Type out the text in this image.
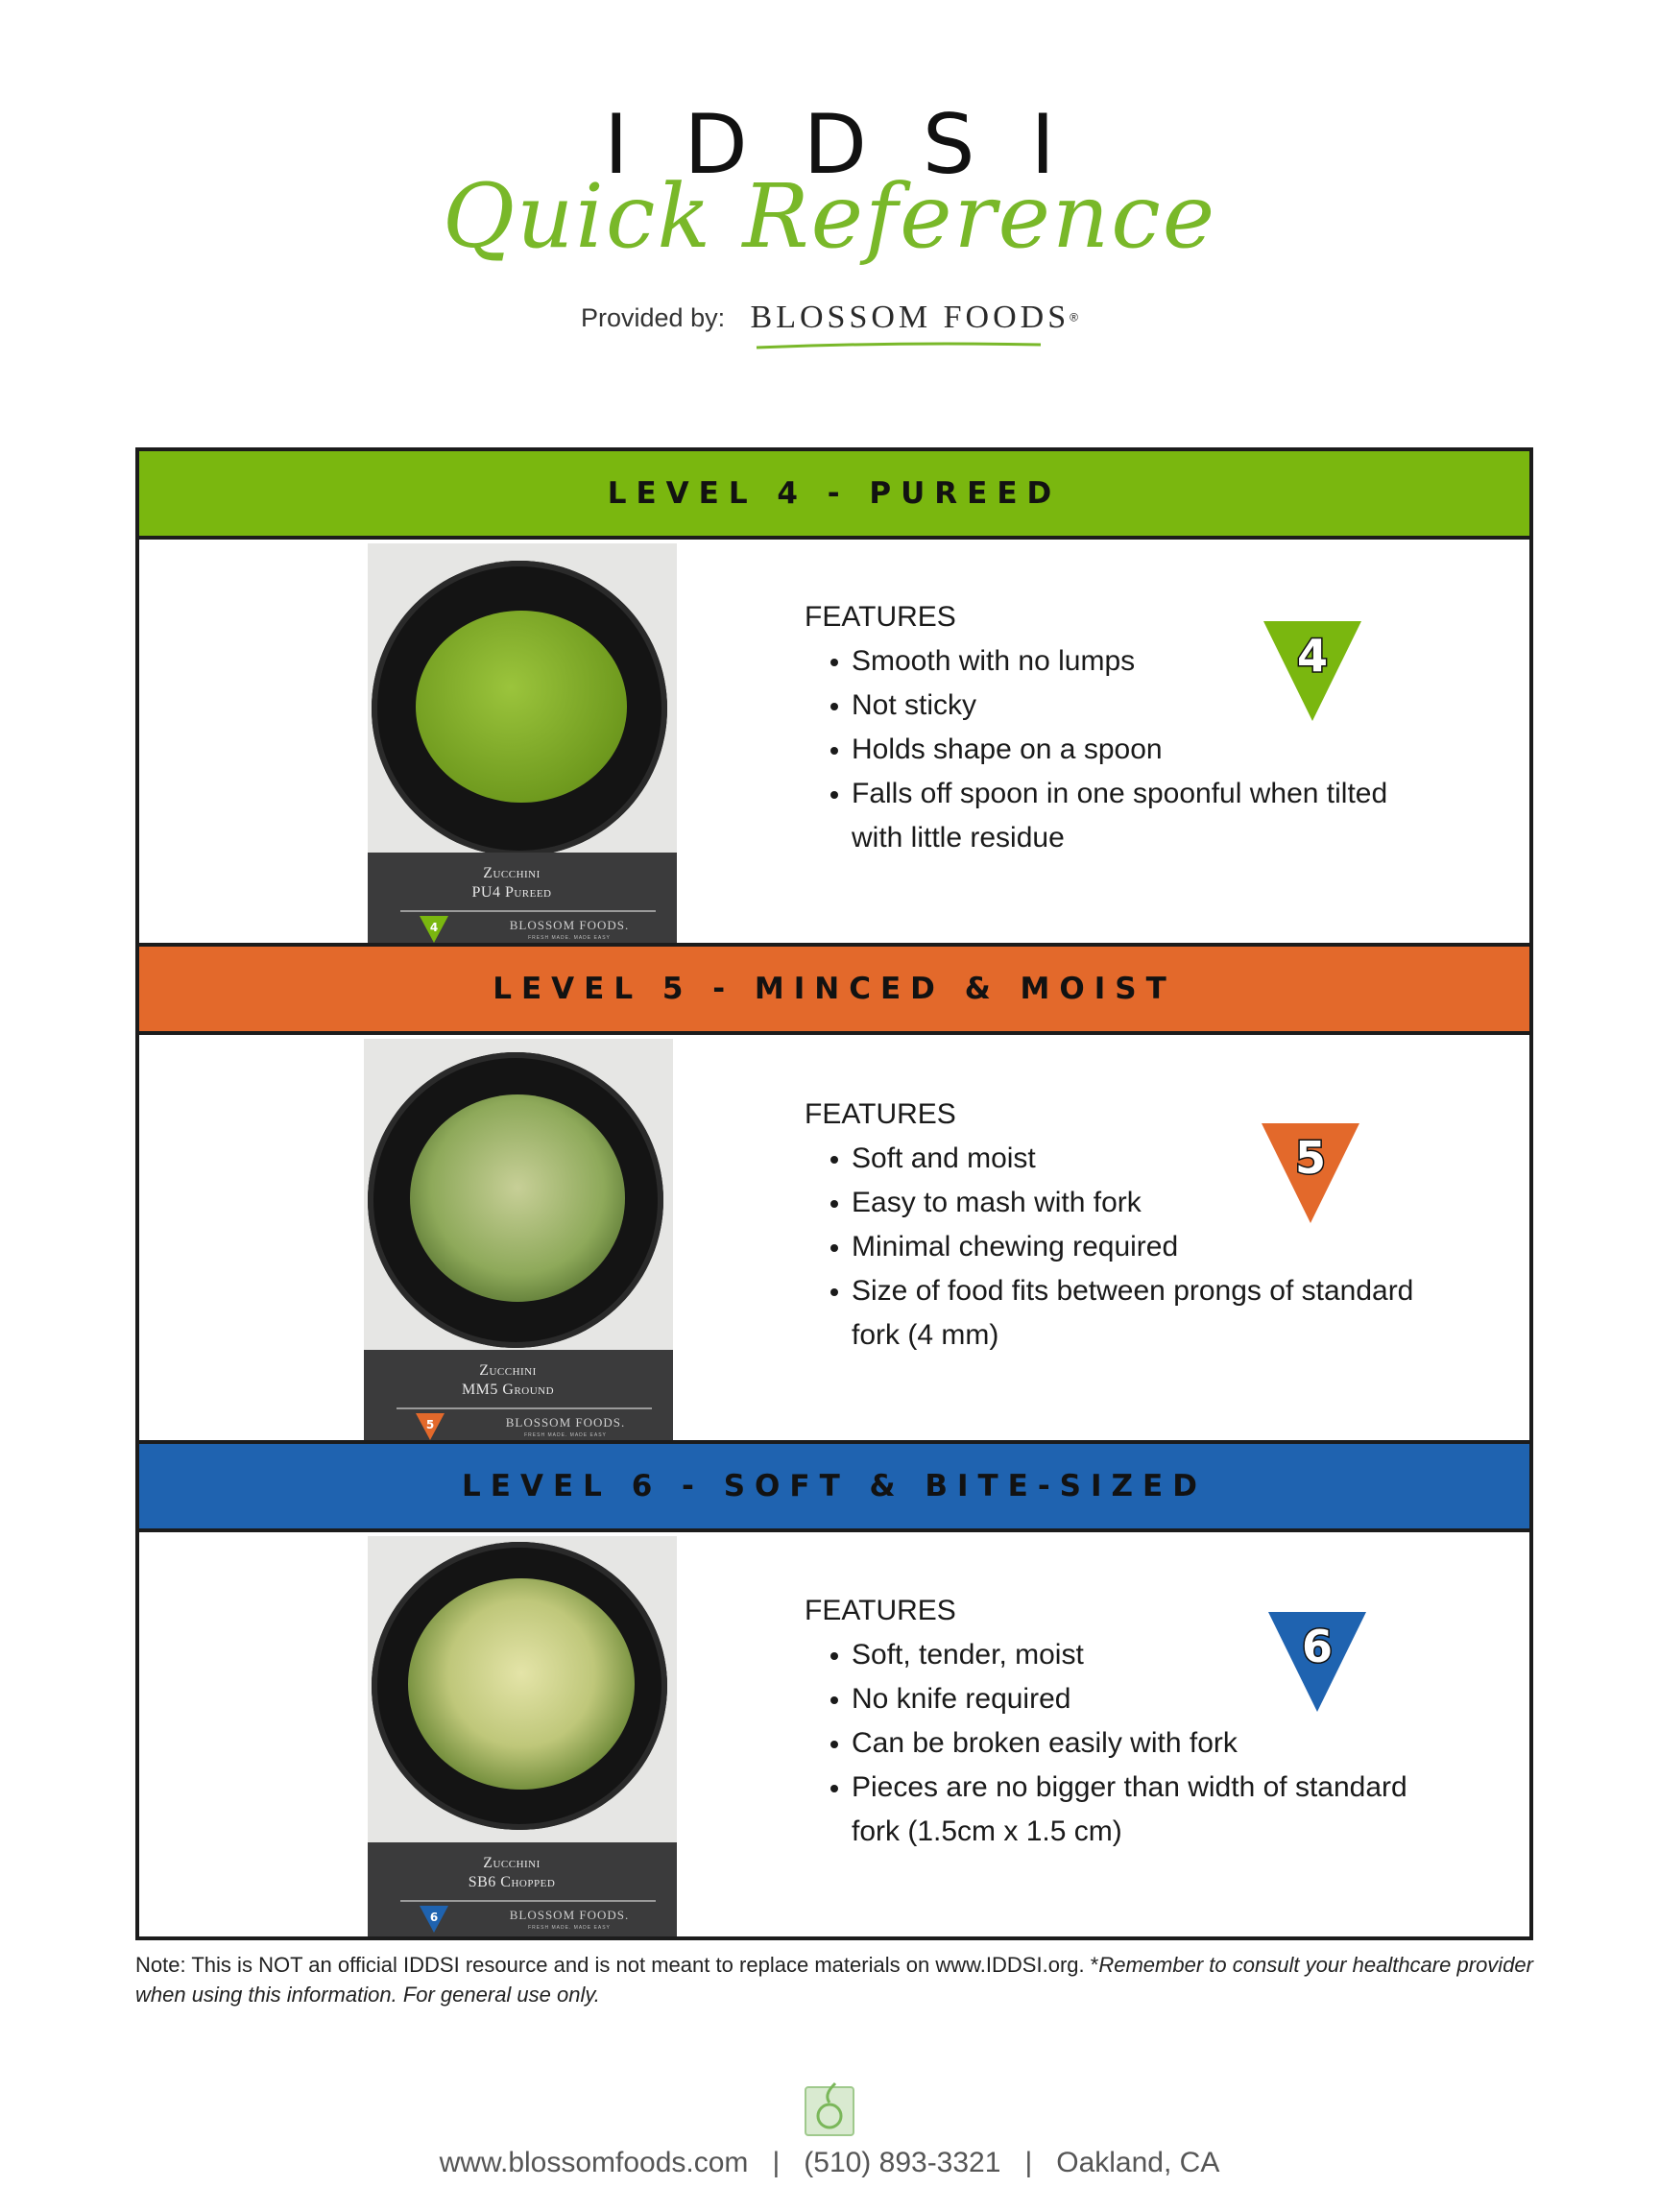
IDDSI
Quick Reference
Provided by: BLOSSOM FOODS®
LEVEL 4 - PUREED
Zucchini
PU4 Pureed
4	BLOSSOM FOODS.
FRESH MADE. MADE EASY
FEATURES
Smooth with no lumps
Not sticky
Holds shape on a spoon
Falls off spoon in one spoonful when tilted with little residue
4
LEVEL 5 - MINCED & MOIST
Zucchini
MM5 Ground
5	BLOSSOM FOODS.
FRESH MADE. MADE EASY
FEATURES
Soft and moist
Easy to mash with fork
Minimal chewing required
Size of food fits between prongs of standard fork (4 mm)
5
LEVEL 6 - SOFT & BITE-SIZED
Zucchini
SB6 Chopped
6	BLOSSOM FOODS.
FRESH MADE. MADE EASY
FEATURES
Soft, tender, moist
No knife required
Can be broken easily with fork
Pieces are no bigger than width of standard fork (1.5cm x 1.5 cm)
6
Note: This is NOT an official IDDSI resource and is not meant to replace materials on www.IDDSI.org. *Remember to consult your healthcare provider when using this information. For general use only.
www.blossomfoods.com | (510) 893-3321 | Oakland, CA
